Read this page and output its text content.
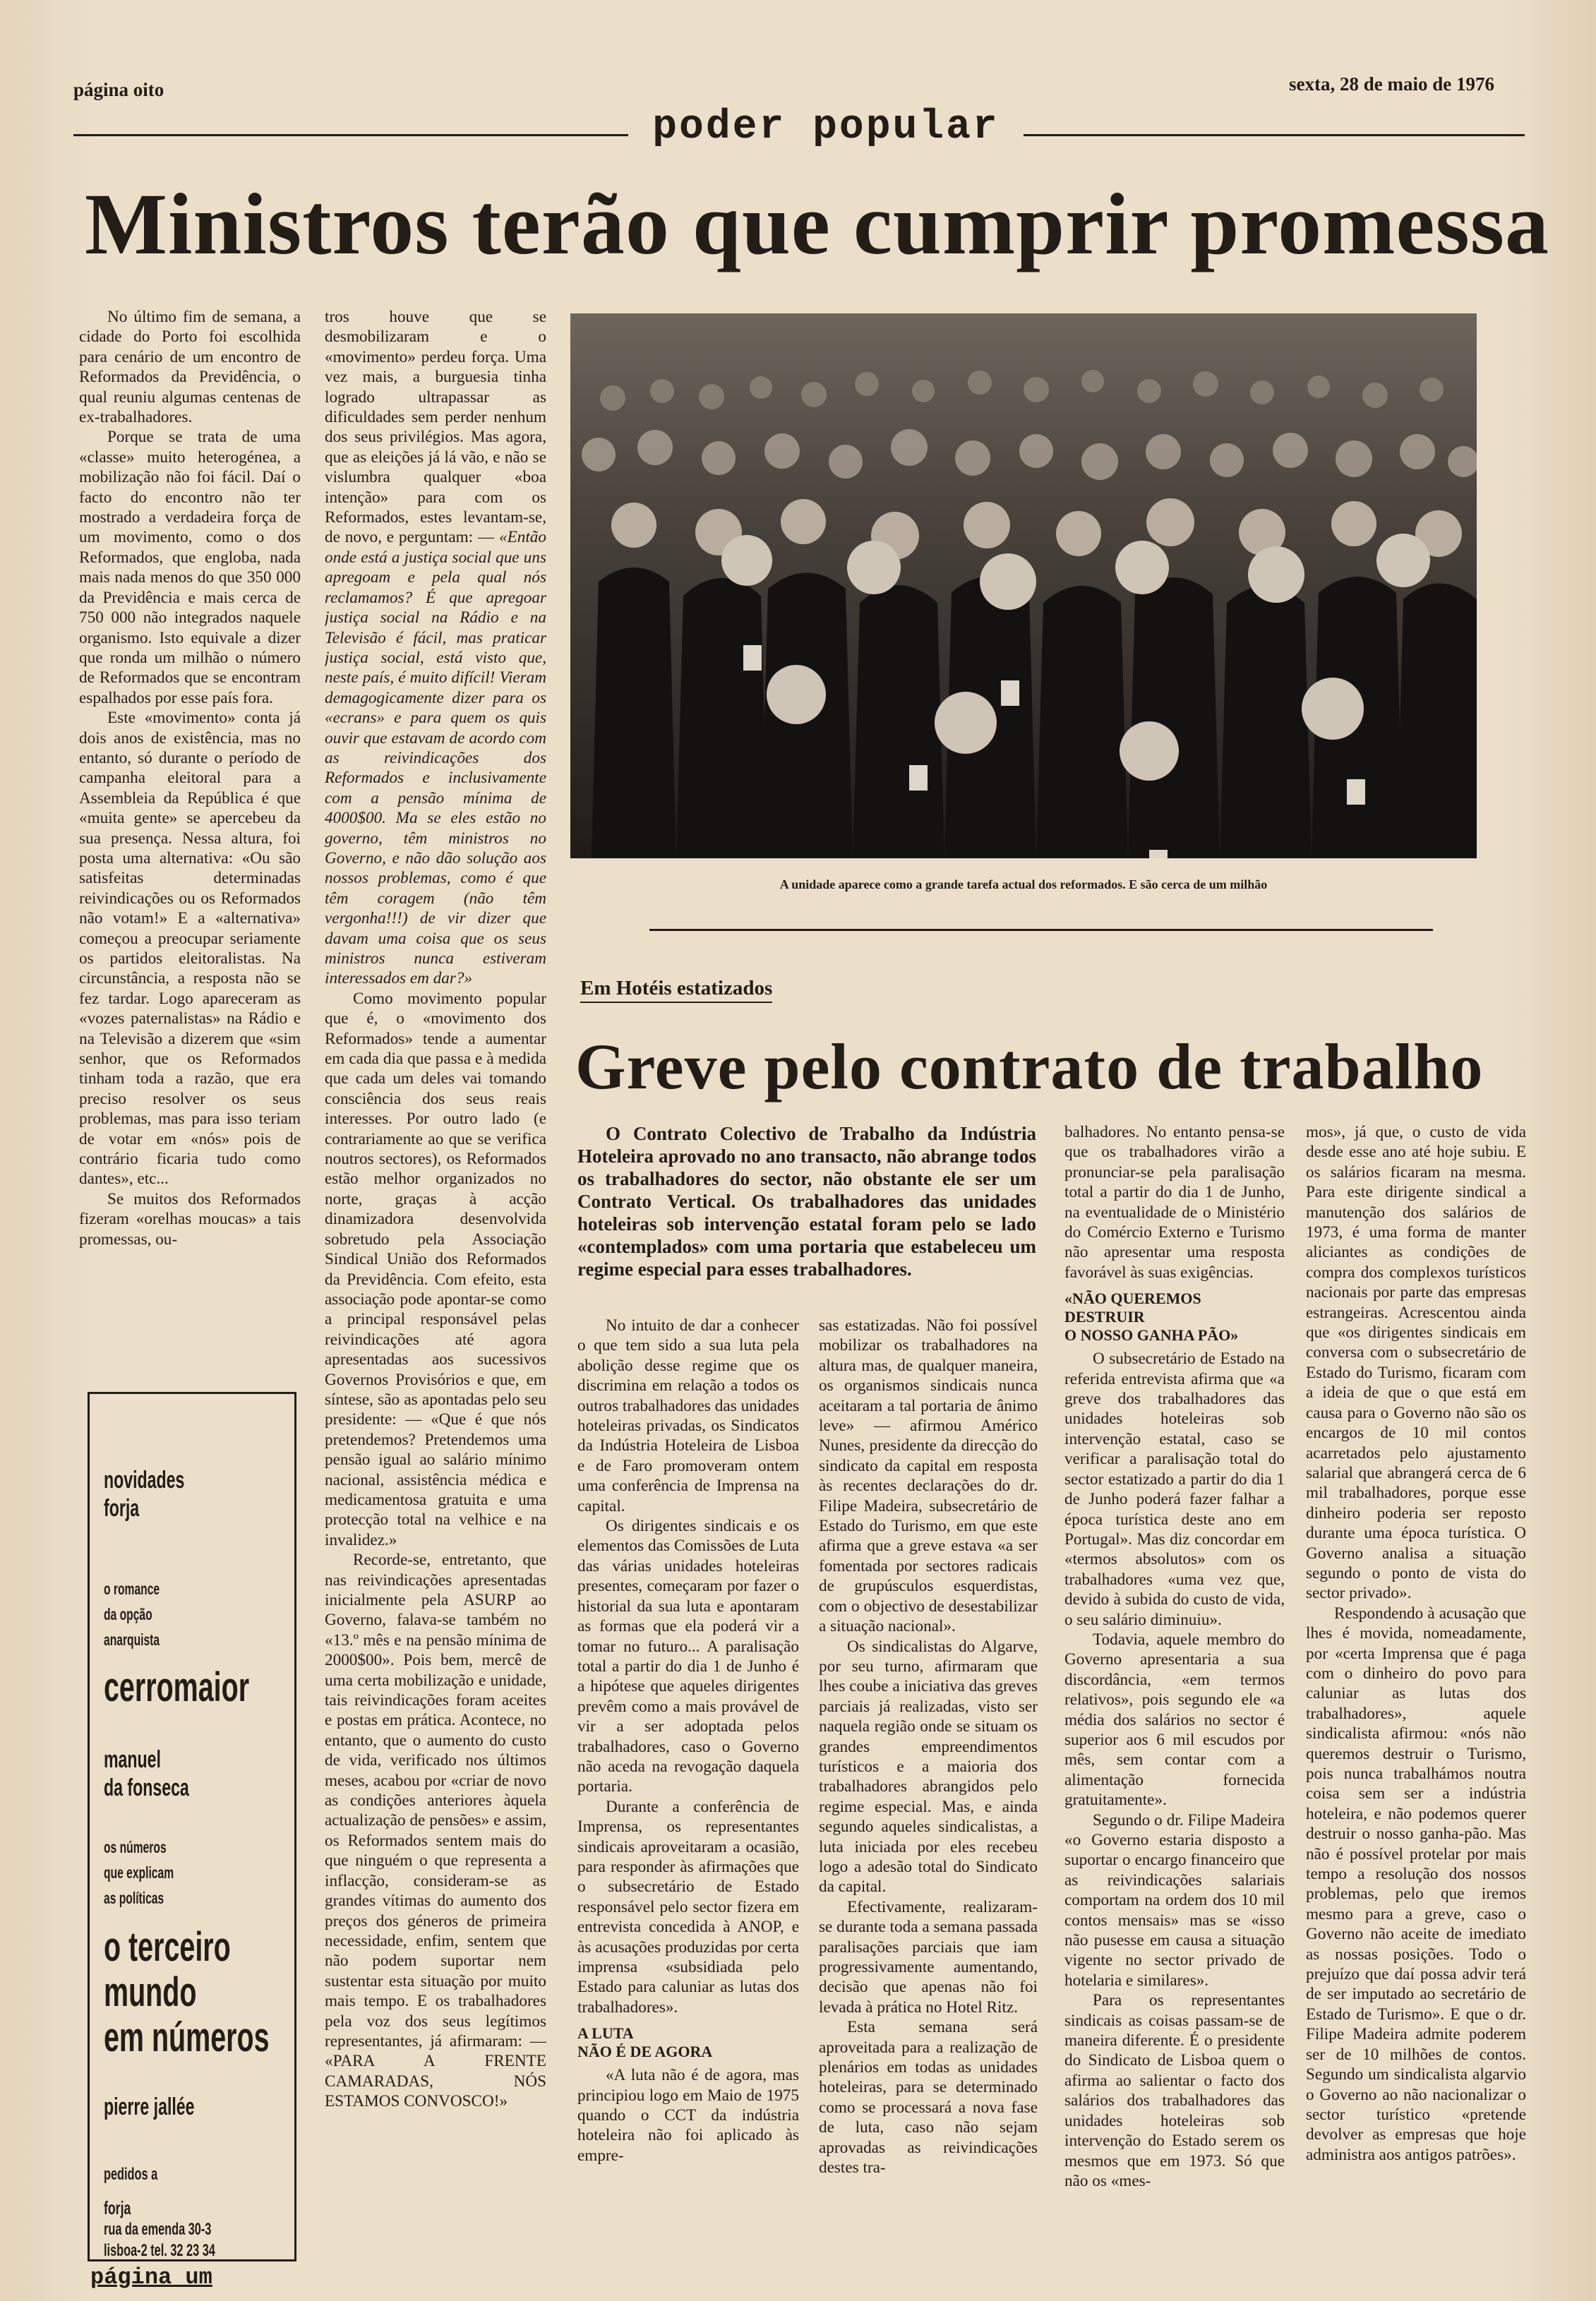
página oito	sexta, 28 de maio de 1976
poder popular
Ministros terão que cumprir promessa

No último fim de semana, a cidade do Porto foi escolhida para cenário de um encontro de Reformados da Previdência, o qual reuniu algumas centenas de ex-trabalhadores.

Porque se trata de uma «classe» muito heterogénea, a mobilização não foi fácil. Daí o facto do encontro não ter mostrado a verdadeira força de um movimento, como o dos Reformados, que engloba, nada mais nada menos do que 350 000 da Previdência e mais cerca de 750 000 não integrados naquele organismo. Isto equivale a dizer que ronda um milhão o número de Reformados que se encontram espalhados por esse país fora.

Este «movimento» conta já dois anos de existência, mas no entanto, só durante o período de campanha eleitoral para a Assembleia da República é que «muita gente» se apercebeu da sua presença. Nessa altura, foi posta uma alternativa: «Ou são satisfeitas determinadas reivindicações ou os Reformados não votam!» E a «alternativa» começou a preocupar seriamente os partidos eleitoralistas. Na circunstância, a resposta não se fez tardar. Logo apareceram as «vozes paternalistas» na Rádio e na Televisão a dizerem que «sim senhor, que os Reformados tinham toda a razão, que era preciso resolver os seus problemas, mas para isso teriam de votar em «nós» pois de contrário ficaria tudo como dantes», etc...

Se muitos dos Reformados fizeram «orelhas moucas» a tais promessas, ou-

tros houve que se desmobilizaram e o «movimento» perdeu força. Uma vez mais, a burguesia tinha logrado ultrapassar as dificuldades sem perder nenhum dos seus privilégios. Mas agora, que as eleições já lá vão, e não se vislumbra qualquer «boa intenção» para com os Reformados, estes levantam-se, de novo, e perguntam: — «Então onde está a justiça social que uns apregoam e pela qual nós reclamamos? É que apregoar justiça social na Rádio e na Televisão é fácil, mas praticar justiça social, está visto que, neste país, é muito difícil! Vieram demagogicamente dizer para os «ecrans» e para quem os quis ouvir que estavam de acordo com as reivindicações dos Reformados e inclusivamente com a pensão mínima de 4000$00. Ma se eles estão no governo, têm ministros no Governo, e não dão solução aos nossos problemas, como é que têm coragem (não têm vergonha!!!) de vir dizer que davam uma coisa que os seus ministros nunca estiveram interessados em dar?»

Como movimento popular que é, o «movimento dos Reformados» tende a aumentar em cada dia que passa e à medida que cada um deles vai tomando consciência dos seus reais interesses. Por outro lado (e contrariamente ao que se verifica noutros sectores), os Reformados estão melhor organizados no norte, graças à acção dinamizadora desenvolvida sobretudo pela Associação Sindical União dos Reformados da Previdência. Com efeito, esta associação pode apontar-se como a principal responsável pelas reivindicações até agora apresentadas aos sucessivos Governos Provisórios e que, em síntese, são as apontadas pelo seu presidente: — «Que é que nós pretendemos? Pretendemos uma pensão igual ao salário mínimo nacional, assistência médica e medicamentosa gratuita e uma protecção total na velhice e na invalidez.»

Recorde-se, entretanto, que nas reivindicações apresentadas inicialmente pela ASURP ao Governo, falava-se também no «13.º mês e na pensão mínima de 2000$00». Pois bem, mercê de uma certa mobilização e unidade, tais reivindicações foram aceites e postas em prática. Acontece, no entanto, que o aumento do custo de vida, verificado nos últimos meses, acabou por «criar de novo as condições anteriores àquela actualização de pensões» e assim, os Reformados sentem mais do que ninguém o que representa a inflacção, consideram-se as grandes vítimas do aumento dos preços dos géneros de primeira necessidade, enfim, sentem que não podem suportar nem sustentar esta situação por muito mais tempo. E os trabalhadores pela voz dos seus legítimos representantes, já afirmaram: — «PARA A FRENTE CAMARADAS, NÓS ESTAMOS CONVOSCO!»

A unidade aparece como a grande tarefa actual dos reformados. E são cerca de um milhão
Em Hotéis estatizados
Greve pelo contrato de trabalho

O Contrato Colectivo de Trabalho da Indústria Hoteleira aprovado no ano transacto, não abrange todos os trabalhadores do sector, não obstante ele ser um Contrato Vertical. Os trabalhadores das unidades hoteleiras sob intervenção estatal foram pelo se lado «contemplados» com uma portaria que estabeleceu um regime especial para esses trabalhadores.

No intuito de dar a conhecer o que tem sido a sua luta pela abolição desse regime que os discrimina em relação a todos os outros trabalhadores das unidades hoteleiras privadas, os Sindicatos da Indústria Hoteleira de Lisboa e de Faro promoveram ontem uma conferência de Imprensa na capital.

Os dirigentes sindicais e os elementos das Comissões de Luta das várias unidades hoteleiras presentes, começaram por fazer o historial da sua luta e apontaram as formas que ela poderá vir a tomar no futuro... A paralisação total a partir do dia 1 de Junho é a hipótese que aqueles dirigentes prevêm como a mais provável de vir a ser adoptada pelos trabalhadores, caso o Governo não aceda na revogação daquela portaria.

Durante a conferência de Imprensa, os representantes sindicais aproveitaram a ocasião, para responder às afirmações que o subsecretário de Estado responsável pelo sector fizera em entrevista concedida à ANOP, e às acusações produzidas por certa imprensa «subsidiada pelo Estado para caluniar as lutas dos trabalhadores».

A LUTA
NÃO É DE AGORA

«A luta não é de agora, mas principiou logo em Maio de 1975 quando o CCT da indústria hoteleira não foi aplicado às empre-

sas estatizadas. Não foi possível mobilizar os trabalhadores na altura mas, de qualquer maneira, os organismos sindicais nunca aceitaram a tal portaria de ânimo leve» — afirmou Américo Nunes, presidente da direcção do sindicato da capital em resposta às recentes declarações do dr. Filipe Madeira, subsecretário de Estado do Turismo, em que este afirma que a greve estava «a ser fomentada por sectores radicais de grupúsculos esquerdistas, com o objectivo de desestabilizar a situação nacional».

Os sindicalistas do Algarve, por seu turno, afirmaram que lhes coube a iniciativa das greves parciais já realizadas, visto ser naquela região onde se situam os grandes empreendimentos turísticos e a maioria dos trabalhadores abrangidos pelo regime especial. Mas, e ainda segundo aqueles sindicalistas, a luta iniciada por eles recebeu logo a adesão total do Sindicato da capital.

Efectivamente, realizaram-se durante toda a semana passada paralisações parciais que iam progressivamente aumentando, decisão que apenas não foi levada à prática no Hotel Ritz.

Esta semana será aproveitada para a realização de plenários em todas as unidades hoteleiras, para se determinado como se processará a nova fase de luta, caso não sejam aprovadas as reivindicações destes tra-

balhadores. No entanto pensa-se que os trabalhadores virão a pronunciar-se pela paralisação total a partir do dia 1 de Junho, na eventualidade de o Ministério do Comércio Externo e Turismo não apresentar uma resposta favorável às suas exigências.

«NÃO QUEREMOS
DESTRUIR
O NOSSO GANHA PÃO»

O subsecretário de Estado na referida entrevista afirma que «a greve dos trabalhadores das unidades hoteleiras sob intervenção estatal, caso se verificar a paralisação total do sector estatizado a partir do dia 1 de Junho poderá fazer falhar a época turística deste ano em Portugal». Mas diz concordar em «termos absolutos» com os trabalhadores «uma vez que, devido à subida do custo de vida, o seu salário diminuiu».

Todavia, aquele membro do Governo apresentaria a sua discordância, «em termos relativos», pois segundo ele «a média dos salários no sector é superior aos 6 mil escudos por mês, sem contar com a alimentação fornecida gratuitamente».

Segundo o dr. Filipe Madeira «o Governo estaria disposto a suportar o encargo financeiro que as reivindicações salariais comportam na ordem dos 10 mil contos mensais» mas se «isso não pusesse em causa a situação vigente no sector privado de hotelaria e similares».

Para os representantes sindicais as coisas passam-se de maneira diferente. É o presidente do Sindicato de Lisboa quem o afirma ao salientar o facto dos salários dos trabalhadores das unidades hoteleiras sob intervenção do Estado serem os mesmos que em 1973. Só que não os «mes-

mos», já que, o custo de vida desde esse ano até hoje subiu. E os salários ficaram na mesma. Para este dirigente sindical a manutenção dos salários de 1973, é uma forma de manter aliciantes as condições de compra dos complexos turísticos nacionais por parte das empresas estrangeiras. Acrescentou ainda que «os dirigentes sindicais em conversa com o subsecretário de Estado do Turismo, ficaram com a ideia de que o que está em causa para o Governo não são os encargos de 10 mil contos acarretados pelo ajustamento salarial que abrangerá cerca de 6 mil trabalhadores, porque esse dinheiro poderia ser reposto durante uma época turística. O Governo analisa a situação segundo o ponto de vista do sector privado».

Respondendo à acusação que lhes é movida, nomeadamente, por «certa Imprensa que é paga com o dinheiro do povo para caluniar as lutas dos trabalhadores», aquele sindicalista afirmou: «nós não queremos destruir o Turismo, pois nunca trabalhámos noutra coisa sem ser a indústria hoteleira, e não podemos querer destruir o nosso ganha-pão. Mas não é possível protelar por mais tempo a resolução dos nossos problemas, pelo que iremos mesmo para a greve, caso o Governo não aceite de imediato as nossas posições. Todo o prejuízo que daí possa advir terá de ser imputado ao secretário de Estado de Turismo». E que o dr. Filipe Madeira admite poderem ser de 10 milhões de contos. Segundo um sindicalista algarvio o Governo ao não nacionalizar o sector turístico «pretende devolver as empresas que hoje administra aos antigos patrões».

novidades
forja
o romance
da opção
anarquista
cerromaior
manuel
da fonseca
os números
que explicam
as políticas
o terceiro
mundo
em números
pierre jallée
pedidos a
forja
rua da emenda 30-3
lisboa-2 tel. 32 23 34
página um
